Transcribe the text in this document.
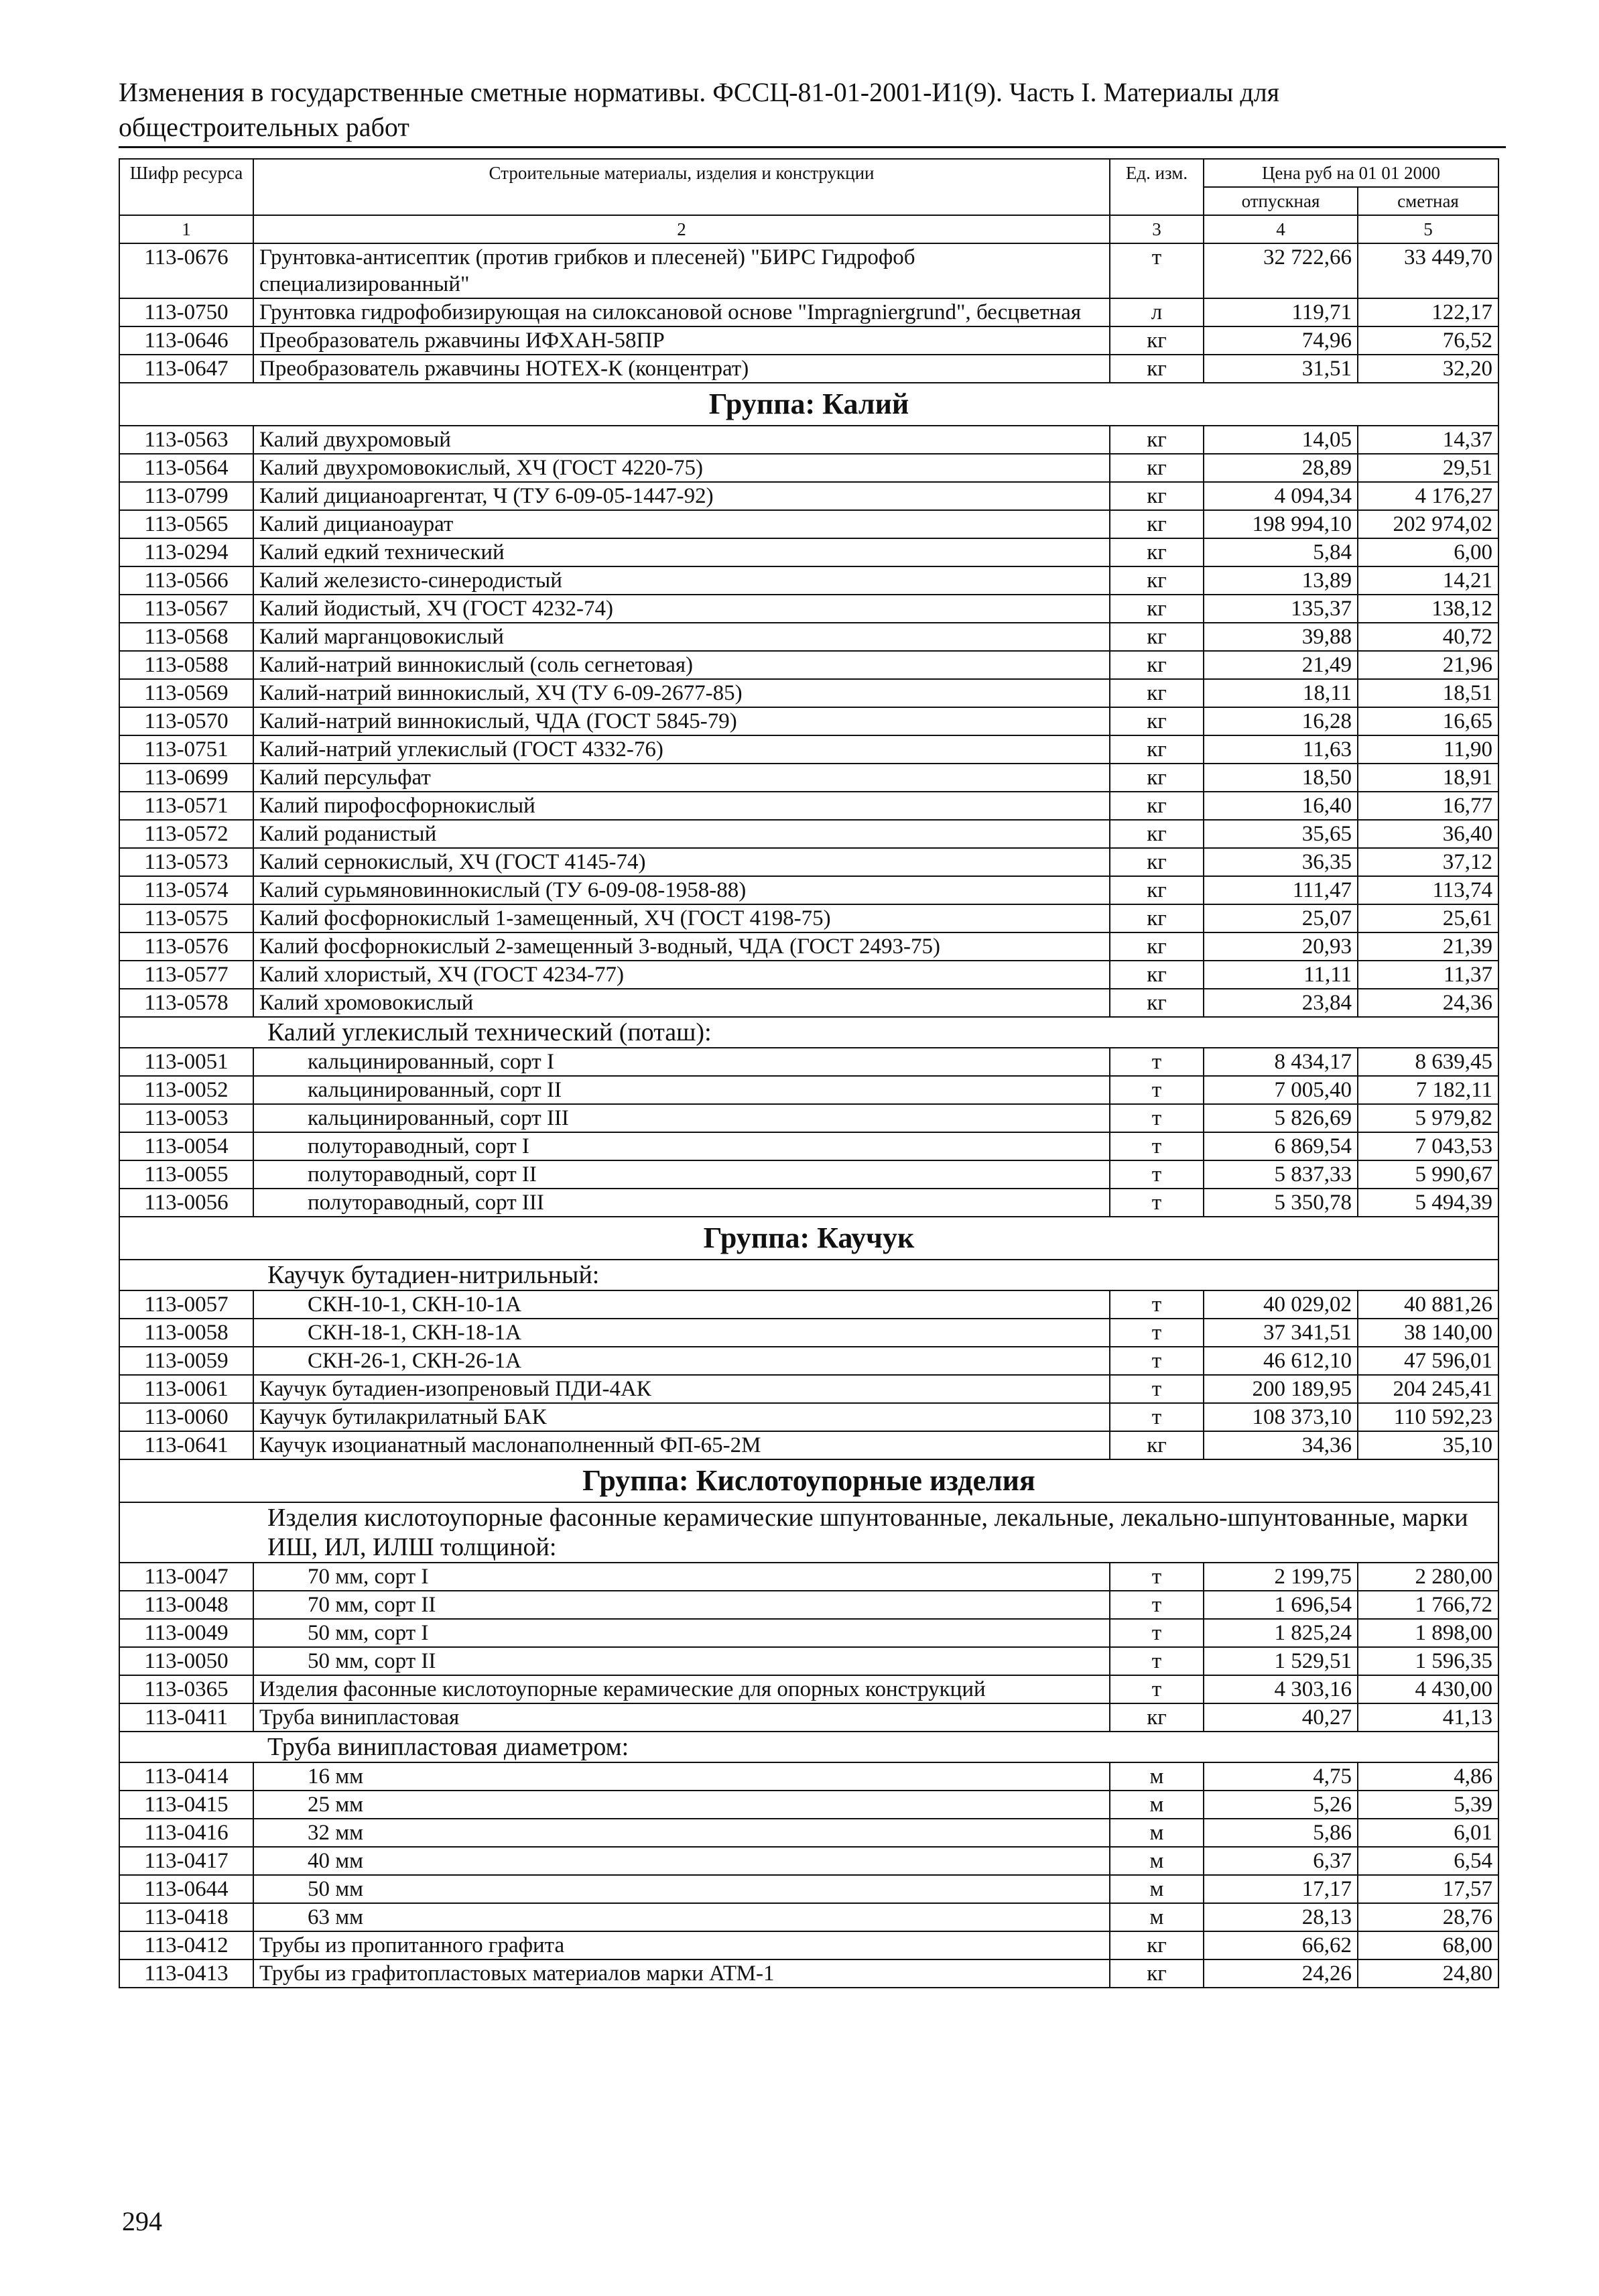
Изменения в государственные сметные нормативы. ФССЦ-81-01-2001-И1(9). Часть I. Материалы для общестроительных работ
Шифр ресурса	Строительные материалы, изделия и конструкции	Ед. изм.	Цена руб на 01 01 2000	
			отпускная	сметная
1	2	3	4	5
113-0676	Грунтовка-антисептик (против грибков и плесеней) "БИРС Гидрофоб специализированный"	т	32 722,66	33 449,70
113-0750	Грунтовка гидрофобизирующая на силоксановой основе "Impragniergrund", бесцветная	л	119,71	122,17
113-0646	Преобразователь ржавчины ИФХАН-58ПР	кг	74,96	76,52
113-0647	Преобразователь ржавчины НОТЕХ-К (концентрат)	кг	31,51	32,20
Группа: Калий				
113-0563	Калий двухромовый	кг	14,05	14,37
113-0564	Калий двухромовокислый, ХЧ (ГОСТ 4220-75)	кг	28,89	29,51
113-0799	Калий дицианоаргентат, Ч (ТУ 6-09-05-1447-92)	кг	4 094,34	4 176,27
113-0565	Калий дицианоаурат	кг	198 994,10	202 974,02
113-0294	Калий едкий технический	кг	5,84	6,00
113-0566	Калий железисто-синеродистый	кг	13,89	14,21
113-0567	Калий йодистый, ХЧ (ГОСТ 4232-74)	кг	135,37	138,12
113-0568	Калий марганцовокислый	кг	39,88	40,72
113-0588	Калий-натрий виннокислый (соль сегнетовая)	кг	21,49	21,96
113-0569	Калий-натрий виннокислый, ХЧ (ТУ 6-09-2677-85)	кг	18,11	18,51
113-0570	Калий-натрий виннокислый, ЧДА (ГОСТ 5845-79)	кг	16,28	16,65
113-0751	Калий-натрий углекислый (ГОСТ 4332-76)	кг	11,63	11,90
113-0699	Калий персульфат	кг	18,50	18,91
113-0571	Калий пирофосфорнокислый	кг	16,40	16,77
113-0572	Калий роданистый	кг	35,65	36,40
113-0573	Калий сернокислый, ХЧ (ГОСТ 4145-74)	кг	36,35	37,12
113-0574	Калий сурьмяновиннокислый (ТУ 6-09-08-1958-88)	кг	111,47	113,74
113-0575	Калий фосфорнокислый 1-замещенный, ХЧ (ГОСТ 4198-75)	кг	25,07	25,61
113-0576	Калий фосфорнокислый 2-замещенный 3-водный, ЧДА (ГОСТ 2493-75)	кг	20,93	21,39
113-0577	Калий хлористый, ХЧ (ГОСТ 4234-77)	кг	11,11	11,37
113-0578	Калий хромовокислый	кг	23,84	24,36
Калий углекислый технический (поташ):				
113-0051	кальцинированный, сорт I	т	8 434,17	8 639,45
113-0052	кальцинированный, сорт II	т	7 005,40	7 182,11
113-0053	кальцинированный, сорт III	т	5 826,69	5 979,82
113-0054	полутораводный, сорт I	т	6 869,54	7 043,53
113-0055	полутораводный, сорт II	т	5 837,33	5 990,67
113-0056	полутораводный, сорт III	т	5 350,78	5 494,39
Группа: Каучук				
Каучук бутадиен-нитрильный:				
113-0057	СКН-10-1, СКН-10-1А	т	40 029,02	40 881,26
113-0058	СКН-18-1, СКН-18-1А	т	37 341,51	38 140,00
113-0059	СКН-26-1, СКН-26-1А	т	46 612,10	47 596,01
113-0061	Каучук бутадиен-изопреновый ПДИ-4АК	т	200 189,95	204 245,41
113-0060	Каучук бутилакрилатный БАК	т	108 373,10	110 592,23
113-0641	Каучук изоцианатный маслонаполненный ФП-65-2М	кг	34,36	35,10
Группа: Кислотоупорные изделия				
Изделия кислотоупорные фасонные керамические шпунтованные, лекальные, лекально-шпунтованные, марки ИШ, ИЛ, ИЛШ толщиной:				
113-0047	70 мм, сорт I	т	2 199,75	2 280,00
113-0048	70 мм, сорт II	т	1 696,54	1 766,72
113-0049	50 мм, сорт I	т	1 825,24	1 898,00
113-0050	50 мм, сорт II	т	1 529,51	1 596,35
113-0365	Изделия фасонные кислотоупорные керамические для опорных конструкций	т	4 303,16	4 430,00
113-0411	Труба винипластовая	кг	40,27	41,13
Труба винипластовая диаметром:				
113-0414	16 мм	м	4,75	4,86
113-0415	25 мм	м	5,26	5,39
113-0416	32 мм	м	5,86	6,01
113-0417	40 мм	м	6,37	6,54
113-0644	50 мм	м	17,17	17,57
113-0418	63 мм	м	28,13	28,76
113-0412	Трубы из пропитанного графита	кг	66,62	68,00
113-0413	Трубы из графитопластовых материалов марки АТМ-1	кг	24,26	24,80
294
